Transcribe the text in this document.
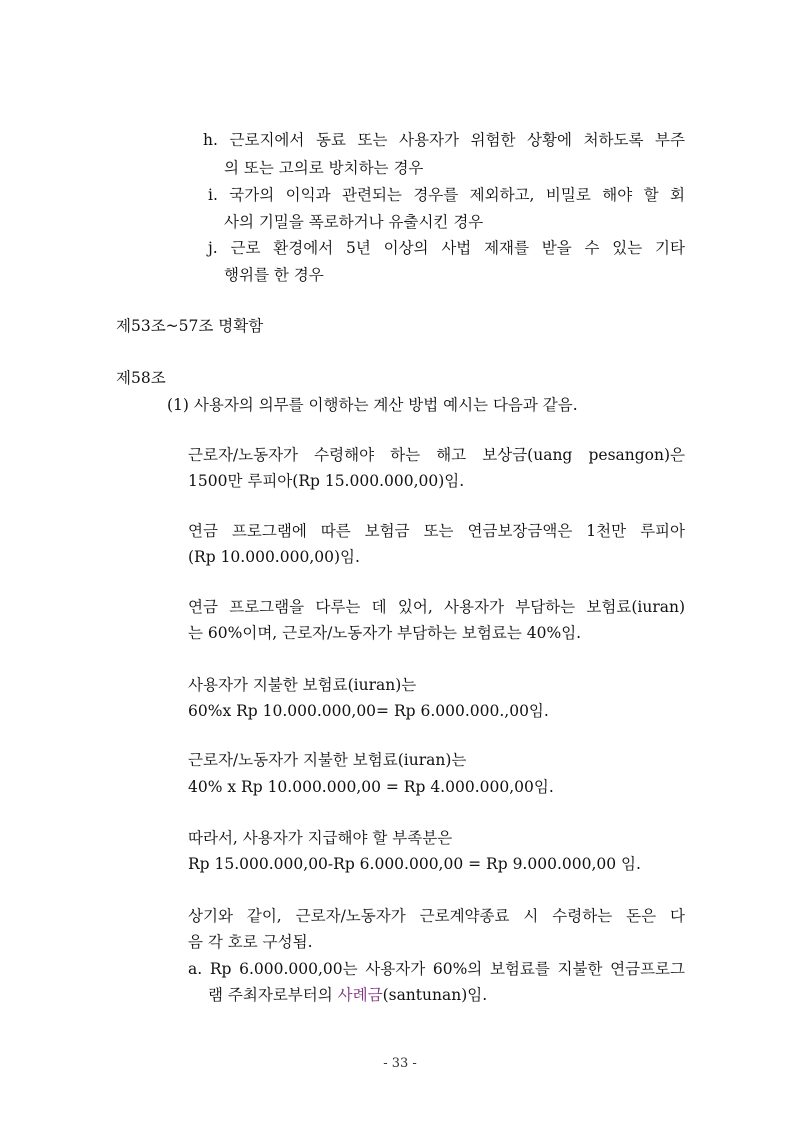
h. 근로지에서 동료 또는 사용자가 위험한 상황에 처하도록 부주
의 또는 고의로 방치하는 경우
i. 국가의 이익과 관련되는 경우를 제외하고, 비밀로 해야 할 회
사의 기밀을 폭로하거나 유출시킨 경우
j. 근로 환경에서 5년 이상의 사법 제재를 받을 수 있는 기타
행위를 한 경우
제53조~57조 명확함
제58조
(1) 사용자의 의무를 이행하는 계산 방법 예시는 다음과 같음.
근로자/노동자가 수령해야 하는 해고 보상금(uang pesangon)은
1500만 루피아(Rp 15.000.000,00)임.
연금 프로그램에 따른 보험금 또는 연금보장금액은 1천만 루피아
(Rp 10.000.000,00)임.
연금 프로그램을 다루는 데 있어, 사용자가 부담하는 보험료(iuran)
는 60%이며, 근로자/노동자가 부담하는 보험료는 40%임.
사용자가 지불한 보험료(iuran)는
60%x Rp 10.000.000,00= Rp 6.000.000.,00임.
근로자/노동자가 지불한 보험료(iuran)는
40% x Rp 10.000.000,00 = Rp 4.000.000,00임.
따라서, 사용자가 지급해야 할 부족분은
Rp 15.000.000,00-Rp 6.000.000,00 = Rp 9.000.000,00 임.
상기와 같이, 근로자/노동자가 근로계약종료 시 수령하는 돈은 다
음 각 호로 구성됨.
a. Rp 6.000.000,00는 사용자가 60%의 보험료를 지불한 연금프로그
램 주최자로부터의 사례금(santunan)임.
- 33 -
